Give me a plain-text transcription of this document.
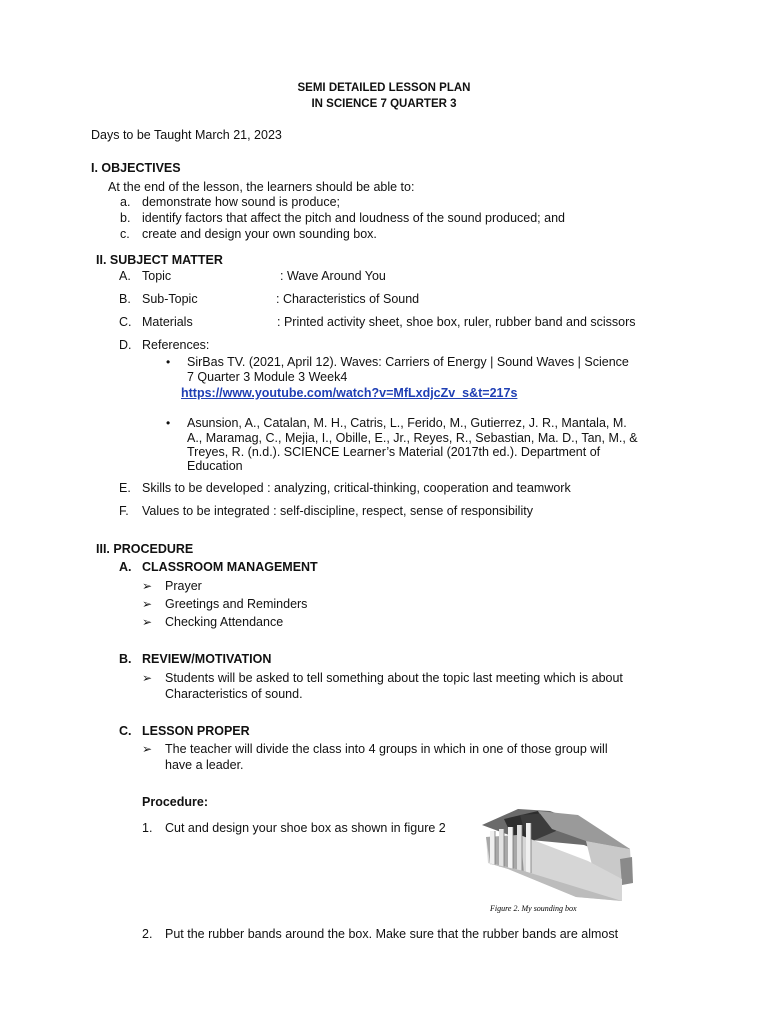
SEMI DETAILED LESSON PLAN
IN SCIENCE 7 QUARTER 3
Days to be Taught March 21, 2023
I. OBJECTIVES
At the end of the lesson, the learners should be able to:
a. demonstrate how sound is produce;
b. identify factors that affect the pitch and loudness of the sound produced; and
c. create and design your own sounding box.
II. SUBJECT MATTER
A. Topic	: Wave Around You
B. Sub-Topic	: Characteristics of Sound
C. Materials	: Printed activity sheet, shoe box, ruler, rubber band and scissors
D. References:
• SirBas TV. (2021, April 12). Waves: Carriers of Energy | Sound Waves | Science
7 Quarter 3 Module 3 Week4
https://www.youtube.com/watch?v=MfLxdjcZv_s&t=217s
• Asunsion, A., Catalan, M. H., Catris, L., Ferido, M., Gutierrez, J. R., Mantala, M.
A., Maramag, C., Mejia, I., Obille, E., Jr., Reyes, R., Sebastian, Ma. D., Tan, M., &
Treyes, R. (n.d.). SCIENCE Learner’s Material (2017th ed.). Department of
Education
E. Skills to be developed : analyzing, critical-thinking, cooperation and teamwork
F. Values to be integrated : self-discipline, respect, sense of responsibility
III. PROCEDURE
A. CLASSROOM MANAGEMENT
➢ Prayer
➢ Greetings and Reminders
➢ Checking Attendance
B. REVIEW/MOTIVATION
➢ Students will be asked to tell something about the topic last meeting which is about
Characteristics of sound.
C. LESSON PROPER
➢ The teacher will divide the class into 4 groups in which in one of those group will
have a leader.
Procedure:
1. Cut and design your shoe box as shown in figure 2
Figure 2. My sounding box
2. Put the rubber bands around the box. Make sure that the rubber bands are almost
